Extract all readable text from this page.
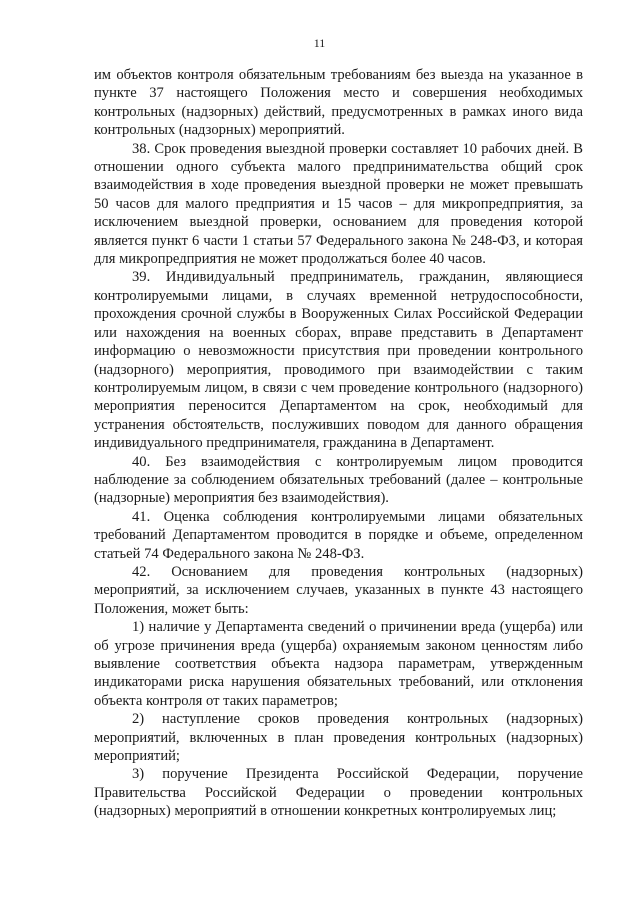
11

им объектов контроля обязательным требованиям без выезда на указанное в пункте 37 настоящего Положения место и совершения необходимых контрольных (надзорных) действий, предусмотренных в рамках иного вида контрольных (надзорных) мероприятий.

38. Срок проведения выездной проверки составляет 10 рабочих дней. В отношении одного субъекта малого предпринимательства общий срок взаимодействия в ходе проведения выездной проверки не может превышать 50 часов для малого предприятия и 15 часов – для микропредприятия, за исключением выездной проверки, основанием для проведения которой является пункт 6 части 1 статьи 57 Федерального закона № 248-ФЗ, и которая для микропредприятия не может продолжаться более 40 часов.

39. Индивидуальный предприниматель, гражданин, являющиеся контролируемыми лицами, в случаях временной нетрудоспособности, прохождения срочной службы в Вооруженных Силах Российской Федерации или нахождения на военных сборах, вправе представить в Департамент информацию о невозможности присутствия при проведении контрольного (надзорного) мероприятия, проводимого при взаимодействии с таким контролируемым лицом, в связи с чем проведение контрольного (надзорного) мероприятия переносится Департаментом на срок, необходимый для устранения обстоятельств, послуживших поводом для данного обращения индивидуального предпринимателя, гражданина в Департамент.

40. Без взаимодействия с контролируемым лицом проводится наблюдение за соблюдением обязательных требований (далее – контрольные (надзорные) мероприятия без взаимодействия).

41. Оценка соблюдения контролируемыми лицами обязательных требований Департаментом проводится в порядке и объеме, определенном статьей 74 Федерального закона № 248-ФЗ.

42. Основанием для проведения контрольных (надзорных) мероприятий, за исключением случаев, указанных в пункте 43 настоящего Положения, может быть:

1) наличие у Департамента сведений о причинении вреда (ущерба) или об угрозе причинения вреда (ущерба) охраняемым законом ценностям либо выявление соответствия объекта надзора параметрам, утвержденным индикаторами риска нарушения обязательных требований, или отклонения объекта контроля от таких параметров;

2) наступление сроков проведения контрольных (надзорных) мероприятий, включенных в план проведения контрольных (надзорных) мероприятий;

3) поручение Президента Российской Федерации, поручение Правительства Российской Федерации о проведении контрольных (надзорных) мероприятий в отношении конкретных контролируемых лиц;
